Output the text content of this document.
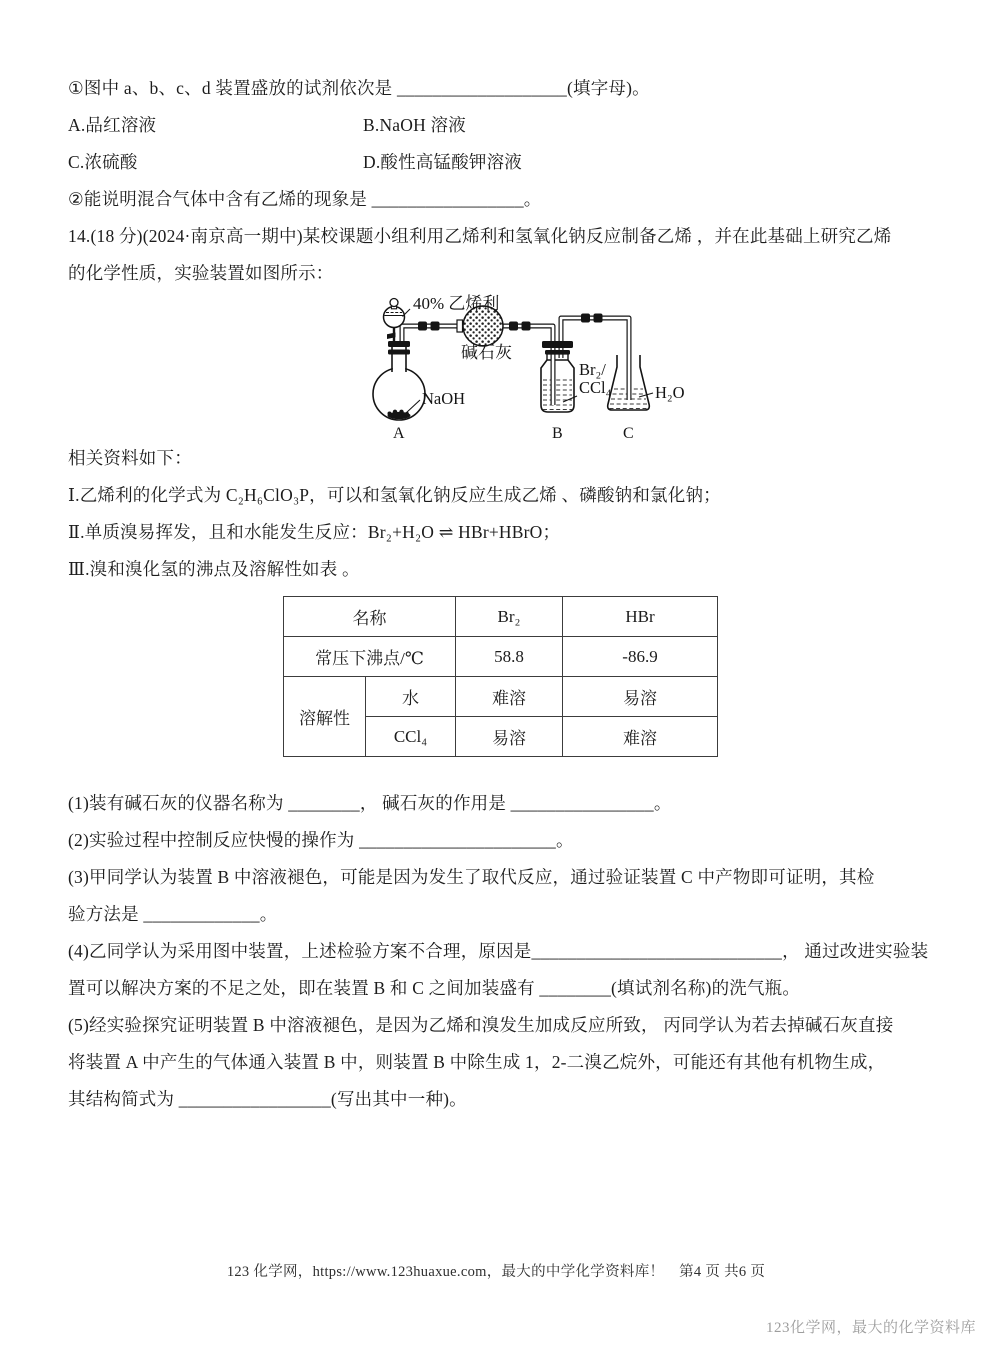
①图中 a、b、c、d 装置盛放的试剂依次是 ___________________(填字母)。
A.品红溶液	B.NaOH 溶液
C.浓硫酸	D.酸性高锰酸钾溶液
②能说明混合气体中含有乙烯的现象是 _________________。
14.(18 分)(2024·南京高一期中)某校课题小组利用乙烯利和氢氧化钠反应制备乙烯 ，并在此基础上研究乙烯
的化学性质，实验装置如图所示：
40% 乙烯利
碱石灰
NaOH
Br₂/
CCl₄	H₂O
A	B	C
相关资料如下：
Ⅰ.乙烯利的化学式为 C₂H₆ClO₃P，可以和氢氧化钠反应生成乙烯 、磷酸钠和氯化钠；
Ⅱ.单质溴易挥发，且和水能发生反应：Br₂+H₂O ⇌ HBr+HBrO；
Ⅲ.溴和溴化氢的沸点及溶解性如表 。
名称		Br₂	HBr
常压下沸点/℃		58.8	-86.9
溶解性	水	难溶	易溶
	CCl₄	易溶	难溶
(1)装有碱石灰的仪器名称为 ________， 碱石灰的作用是 ________________。
(2)实验过程中控制反应快慢的操作为 ______________________。
(3)甲同学认为装置 B 中溶液褪色，可能是因为发生了取代反应，通过验证装置 C 中产物即可证明，其检
验方法是 _____________。
(4)乙同学认为采用图中装置，上述检验方案不合理，原因是____________________________， 通过改进实验装
置可以解决方案的不足之处，即在装置 B 和 C 之间加装盛有 ________(填试剂名称)的洗气瓶。
(5)经实验探究证明装置 B 中溶液褪色，是因为乙烯和溴发生加成反应所致， 丙同学认为若去掉碱石灰直接
将装置 A 中产生的气体通入装置 B 中，则装置 B 中除生成 1，2-二溴乙烷外，可能还有其他有机物生成，
其结构简式为 _________________(写出其中一种)。
123 化学网，https://www.123huaxue.com，最大的中学化学资料库！　第4 页 共6 页
123化学网，最大的化学资料库
